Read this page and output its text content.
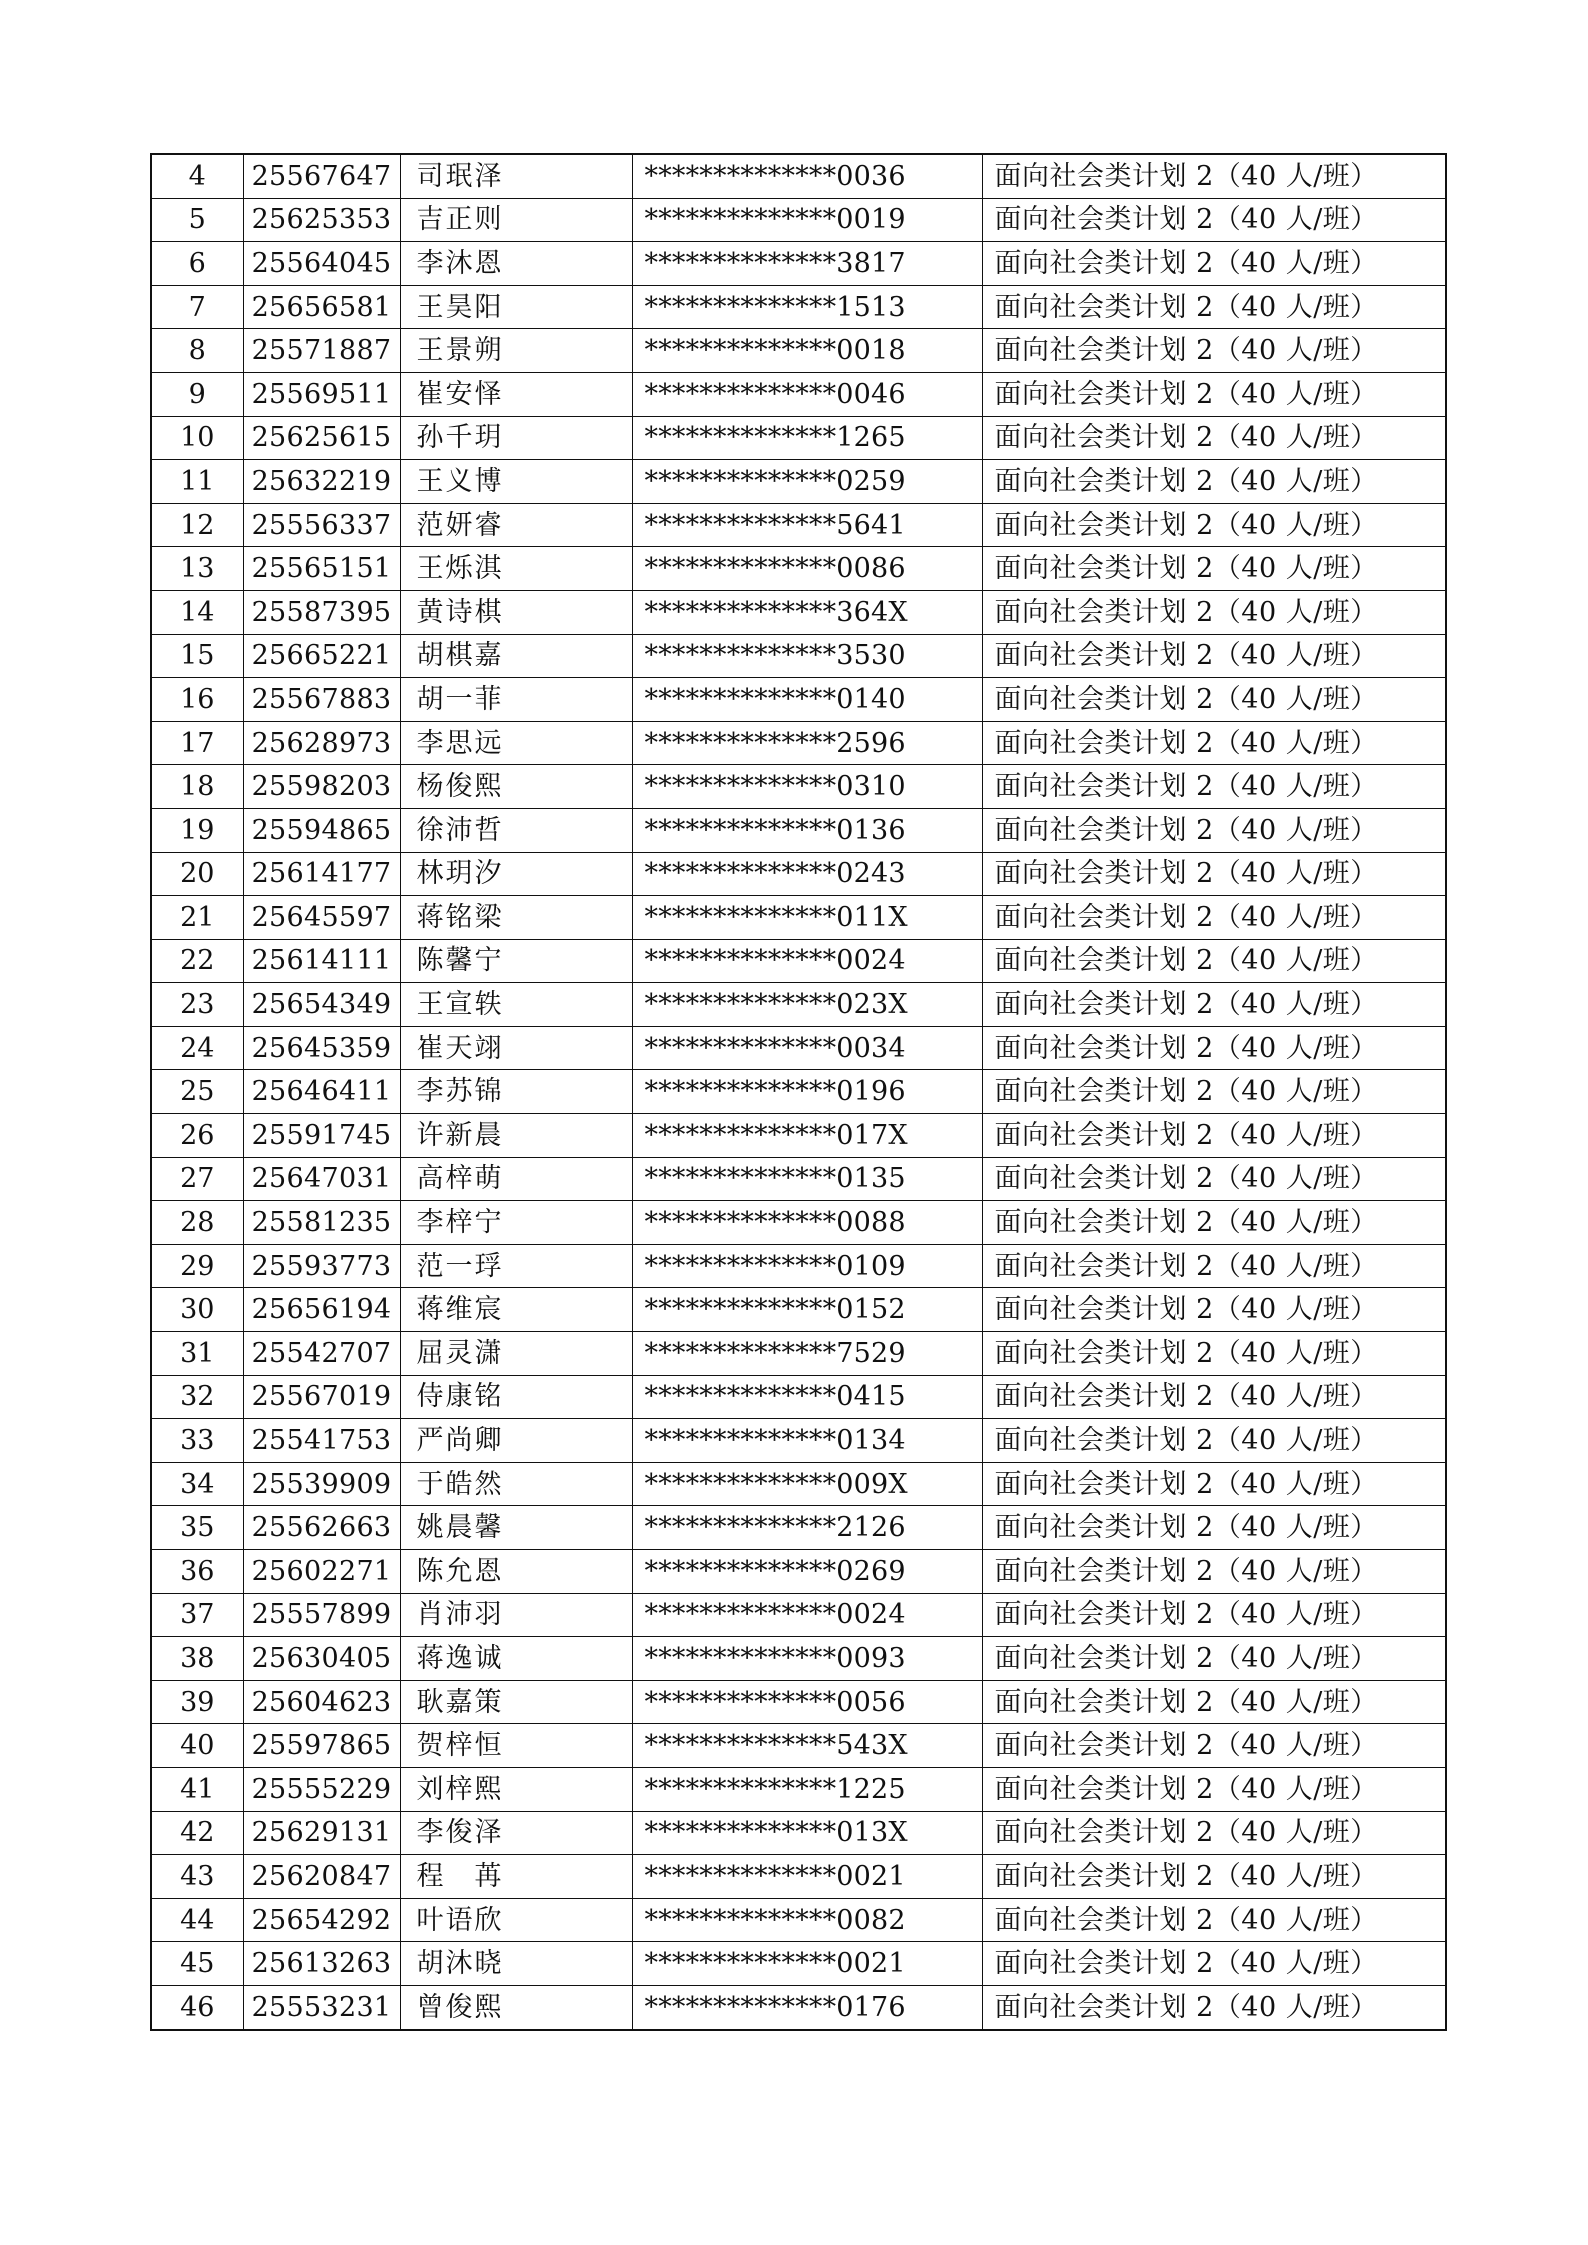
4	25567647	司珉泽	**************0036	面向社会类计划 2（40 人/班）
5	25625353	吉正则	**************0019	面向社会类计划 2（40 人/班）
6	25564045	李沐恩	**************3817	面向社会类计划 2（40 人/班）
7	25656581	王昊阳	**************1513	面向社会类计划 2（40 人/班）
8	25571887	王景朔	**************0018	面向社会类计划 2（40 人/班）
9	25569511	崔安怿	**************0046	面向社会类计划 2（40 人/班）
10	25625615	孙千玥	**************1265	面向社会类计划 2（40 人/班）
11	25632219	王义博	**************0259	面向社会类计划 2（40 人/班）
12	25556337	范妍睿	**************5641	面向社会类计划 2（40 人/班）
13	25565151	王烁淇	**************0086	面向社会类计划 2（40 人/班）
14	25587395	黄诗棋	**************364X	面向社会类计划 2（40 人/班）
15	25665221	胡棋嘉	**************3530	面向社会类计划 2（40 人/班）
16	25567883	胡一菲	**************0140	面向社会类计划 2（40 人/班）
17	25628973	李思远	**************2596	面向社会类计划 2（40 人/班）
18	25598203	杨俊熙	**************0310	面向社会类计划 2（40 人/班）
19	25594865	徐沛哲	**************0136	面向社会类计划 2（40 人/班）
20	25614177	林玥汐	**************0243	面向社会类计划 2（40 人/班）
21	25645597	蒋铭梁	**************011X	面向社会类计划 2（40 人/班）
22	25614111	陈馨宁	**************0024	面向社会类计划 2（40 人/班）
23	25654349	王宣轶	**************023X	面向社会类计划 2（40 人/班）
24	25645359	崔天翊	**************0034	面向社会类计划 2（40 人/班）
25	25646411	李苏锦	**************0196	面向社会类计划 2（40 人/班）
26	25591745	许新晨	**************017X	面向社会类计划 2（40 人/班）
27	25647031	高梓萌	**************0135	面向社会类计划 2（40 人/班）
28	25581235	李梓宁	**************0088	面向社会类计划 2（40 人/班）
29	25593773	范一琈	**************0109	面向社会类计划 2（40 人/班）
30	25656194	蒋维宸	**************0152	面向社会类计划 2（40 人/班）
31	25542707	屈灵潇	**************7529	面向社会类计划 2（40 人/班）
32	25567019	侍康铭	**************0415	面向社会类计划 2（40 人/班）
33	25541753	严尚卿	**************0134	面向社会类计划 2（40 人/班）
34	25539909	于皓然	**************009X	面向社会类计划 2（40 人/班）
35	25562663	姚晨馨	**************2126	面向社会类计划 2（40 人/班）
36	25602271	陈允恩	**************0269	面向社会类计划 2（40 人/班）
37	25557899	肖沛羽	**************0024	面向社会类计划 2（40 人/班）
38	25630405	蒋逸诚	**************0093	面向社会类计划 2（40 人/班）
39	25604623	耿嘉策	**************0056	面向社会类计划 2（40 人/班）
40	25597865	贺梓恒	**************543X	面向社会类计划 2（40 人/班）
41	25555229	刘梓熙	**************1225	面向社会类计划 2（40 人/班）
42	25629131	李俊泽	**************013X	面向社会类计划 2（40 人/班）
43	25620847	程　苒	**************0021	面向社会类计划 2（40 人/班）
44	25654292	叶语欣	**************0082	面向社会类计划 2（40 人/班）
45	25613263	胡沐晓	**************0021	面向社会类计划 2（40 人/班）
46	25553231	曾俊熙	**************0176	面向社会类计划 2（40 人/班）
